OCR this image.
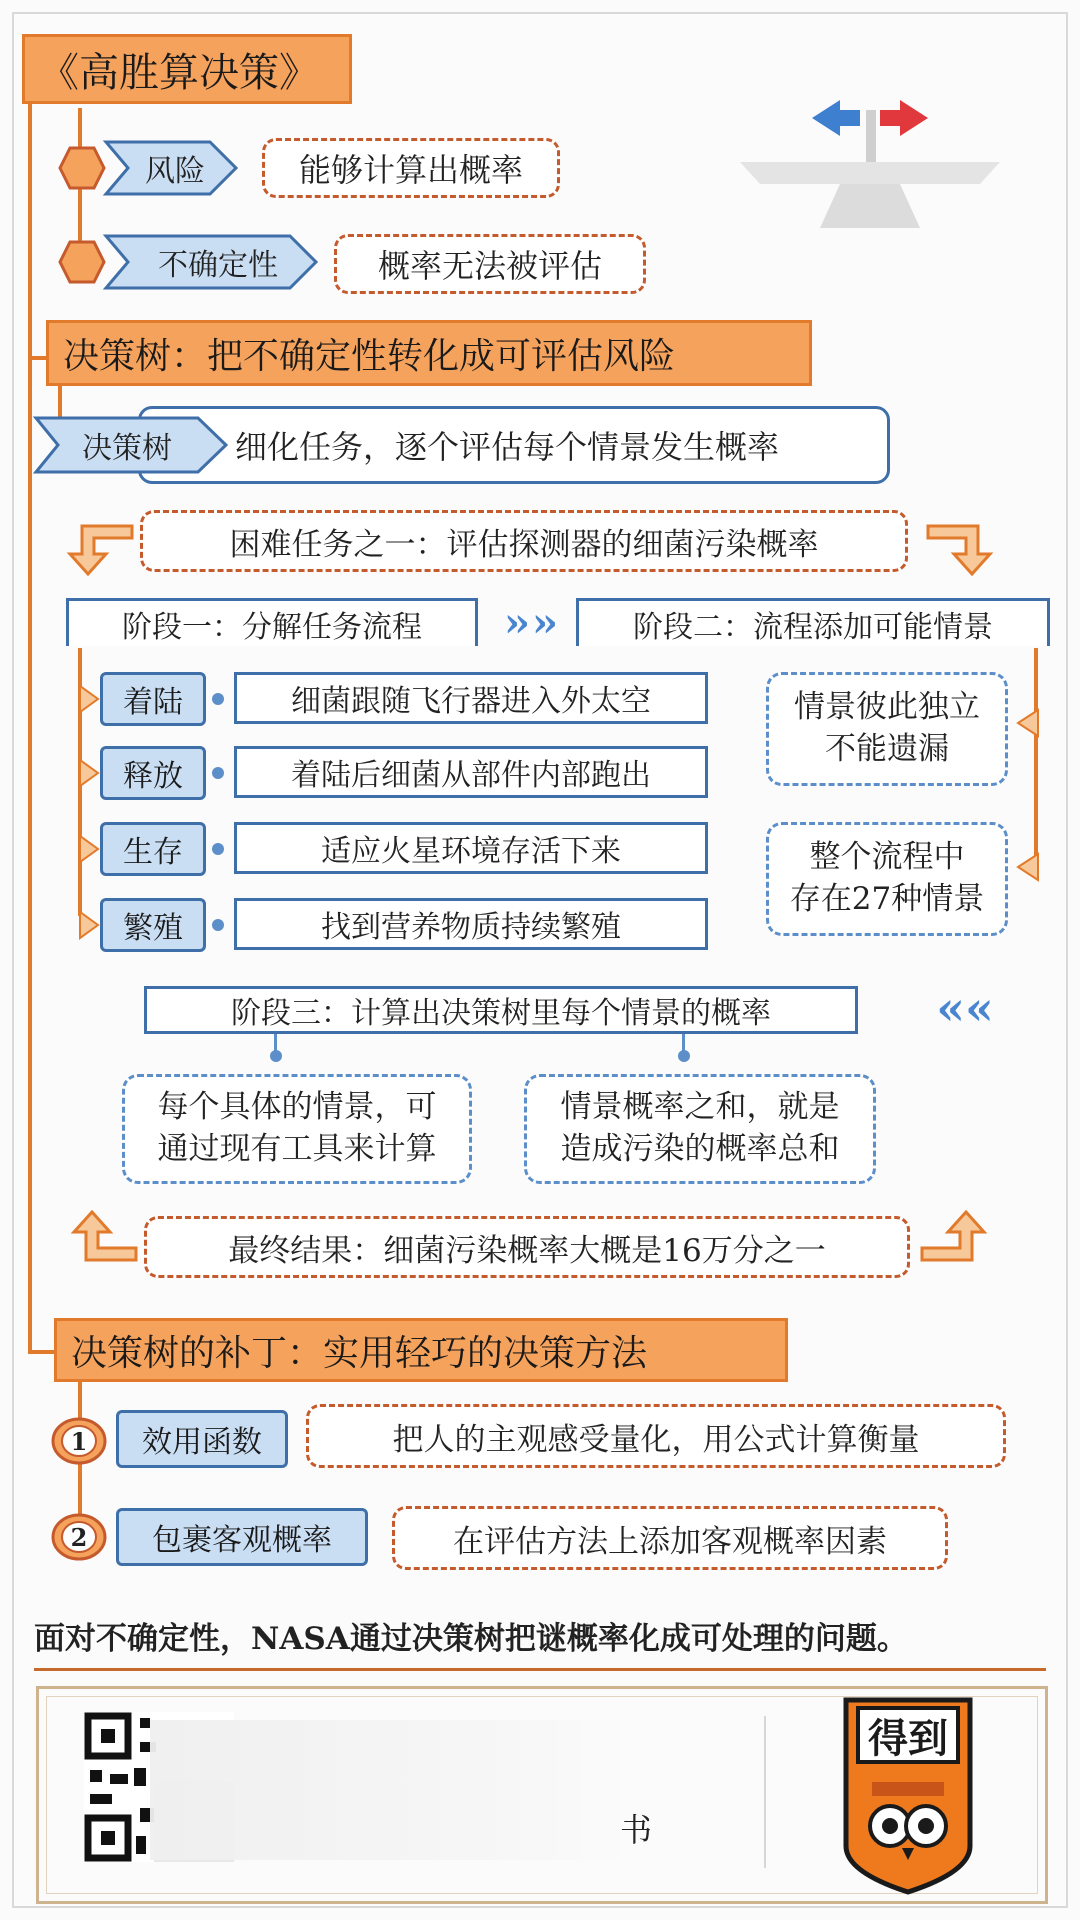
《高胜算决策》
风险	能够计算出概率
不确定性	概率无法被评估
决策树：把不确定性转化成可评估风险
细化任务，逐个评估每个情景发生概率
决策树
困难任务之一：评估探测器的细菌污染概率
阶段一：分解任务流程	›› ››	阶段二：流程添加可能情景
着陆	细菌跟随飞行器进入外太空
释放	着陆后细菌从部件内部跑出
生存	适应火星环境存活下来
繁殖	找到营养物质持续繁殖
情景彼此独立
不能遗漏
整个流程中
存在27种情景
阶段三：计算出决策树里每个情景的概率	‹‹ ‹‹
每个具体的情景，可
通过现有工具来计算
情景概率之和，就是
造成污染的概率总和
最终结果：细菌污染概率大概是16万分之一
决策树的补丁：实用轻巧的决策方法
1	效用函数	把人的主观感受量化，用公式计算衡量
2	包裹客观概率	在评估方法上添加客观概率因素
面对不确定性，NASA通过决策树把谜概率化成可处理的问题。
书
得到
